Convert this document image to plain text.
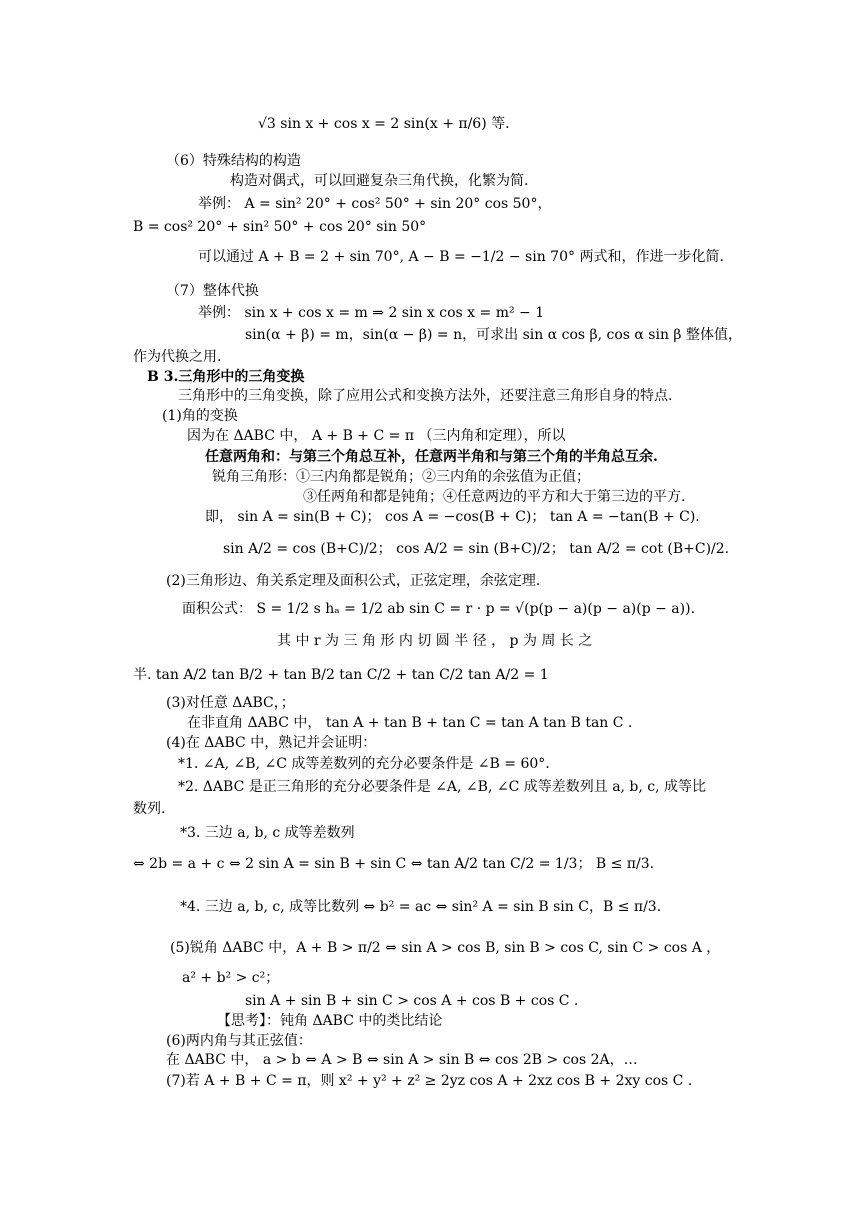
√3 sin x + cos x = 2 sin(x + π/6) 等.
（6）特殊结构的构造
构造对偶式，可以回避复杂三角代换，化繁为简.
举例： A = sin² 20° + cos² 50° + sin 20° cos 50°，
B = cos² 20° + sin² 50° + cos 20° sin 50°
可以通过 A + B = 2 + sin 70°, A − B = −1/2 − sin 70° 两式和，作进一步化简.
（7）整体代换
举例： sin x + cos x = m ⇒ 2 sin x cos x = m² − 1
sin(α + β) = m，sin(α − β) = n，可求出 sin α cos β, cos α sin β 整体值，
作为代换之用.
B 3.三角形中的三角变换
三角形中的三角变换，除了应用公式和变换方法外，还要注意三角形自身的特点.
(1)角的变换
因为在 ΔABC 中， A + B + C = π （三内角和定理），所以
任意两角和：与第三个角总互补，任意两半角和与第三个角的半角总互余.
锐角三角形：①三内角都是锐角；②三内角的余弦值为正值；
③任两角和都是钝角；④任意两边的平方和大于第三边的平方.
即， sin A = sin(B + C)； cos A = −cos(B + C)； tan A = −tan(B + C).
sin A/2 = cos (B+C)/2； cos A/2 = sin (B+C)/2； tan A/2 = cot (B+C)/2.
(2)三角形边、角关系定理及面积公式，正弦定理，余弦定理.
面积公式： S = 1/2 s hₐ = 1/2 ab sin C = r · p = √(p(p − a)(p − a)(p − a)).
其 中 r 为 三 角 形 内 切 圆 半 径 ， p 为 周 长 之
半. tan A/2 tan B/2 + tan B/2 tan C/2 + tan C/2 tan A/2 = 1
(3)对任意 ΔABC，；
在非直角 ΔABC 中， tan A + tan B + tan C = tan A tan B tan C .
(4)在 ΔABC 中，熟记并会证明：
*1. ∠A, ∠B, ∠C 成等差数列的充分必要条件是 ∠B = 60°.
*2. ΔABC 是正三角形的充分必要条件是 ∠A, ∠B, ∠C 成等差数列且 a, b, c, 成等比
数列.
*3. 三边 a, b, c 成等差数列
⇔ 2b = a + c ⇔ 2 sin A = sin B + sin C ⇔ tan A/2 tan C/2 = 1/3； B ≤ π/3.
*4. 三边 a, b, c, 成等比数列 ⇔ b² = ac ⇔ sin² A = sin B sin C，B ≤ π/3.
(5)锐角 ΔABC 中，A + B > π/2 ⇔ sin A > cos B, sin B > cos C, sin C > cos A ，
a² + b² > c²；
sin A + sin B + sin C > cos A + cos B + cos C .
【思考】：钝角 ΔABC 中的类比结论
(6)两内角与其正弦值：
在 ΔABC 中， a > b ⇔ A > B ⇔ sin A > sin B ⇔ cos 2B > cos 2A，…
(7)若 A + B + C = π，则 x² + y² + z² ≥ 2yz cos A + 2xz cos B + 2xy cos C .
